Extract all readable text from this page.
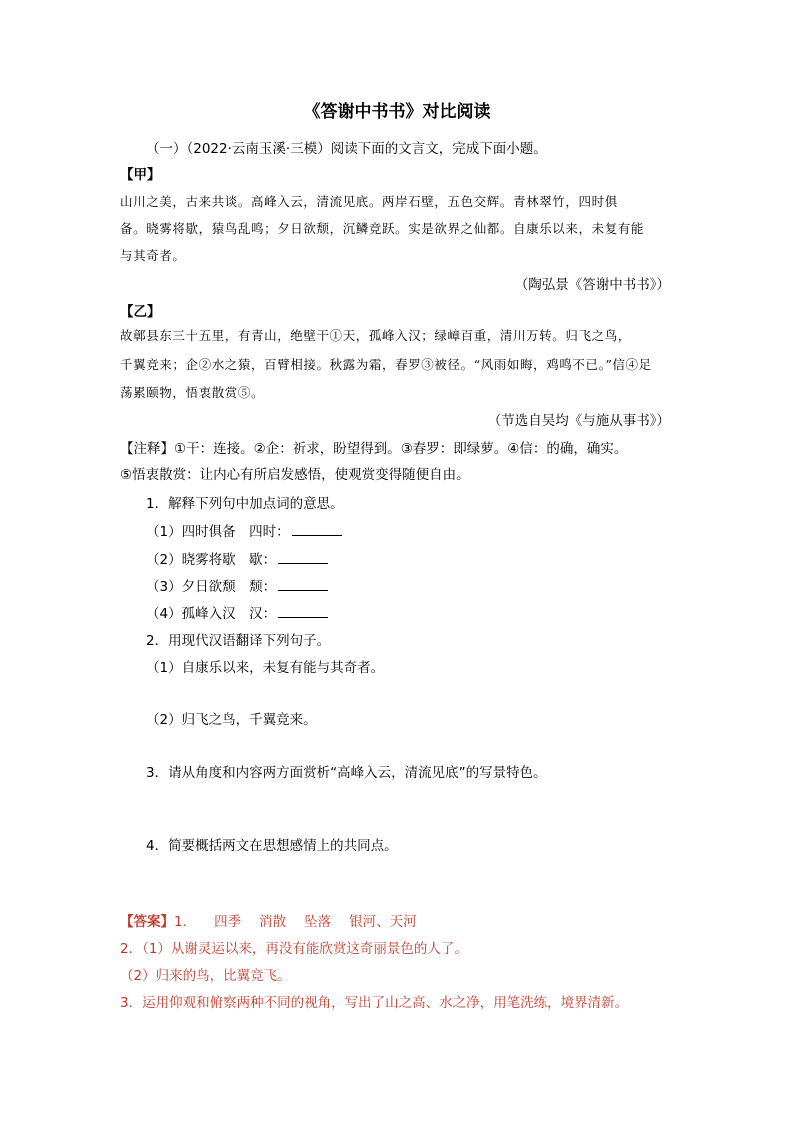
《答谢中书书》对比阅读
（一）（2022·云南玉溪·三模）阅读下面的文言文，完成下面小题。
【甲】
山川之美，古来共谈。高峰入云，清流见底。两岸石壁，五色交辉。青林翠竹，四时俱
备。晓雾将歇，猿鸟乱鸣；夕日欲颓，沉鳞竞跃。实是欲界之仙都。自康乐以来，未复有能
与其奇者。
（陶弘景《答谢中书书》）
【乙】
故鄣县东三十五里，有青山，绝壁干①天，孤峰入汉；绿嶂百重，清川万转。归飞之鸟，
千翼竞来；企②水之猿，百臂相接。秋露为霜，春罗③被径。“风雨如晦，鸡鸣不已。”信④足
荡累颐物，悟衷散赏⑤。
（节选自吴均《与施从事书》）
【注释】①干：连接。②企：祈求，盼望得到。③春罗：即绿萝。④信：的确，确实。
⑤悟衷散赏：让内心有所启发感悟，使观赏变得随便自由。
1．解释下列句中加点词的意思。
（1）四时俱备　四时：
（2）晓雾将歇　歇：
（3）夕日欲颓　颓：
（4）孤峰入汉　汉：
2．用现代汉语翻译下列句子。
（1）自康乐以来，未复有能与其奇者。
（2）归飞之鸟，千翼竞来。
3．请从角度和内容两方面赏析“高峰入云，清流见底”的写景特色。
4．简要概括两文在思想感情上的共同点。
【答案】1． 四季 消散 坠落 银河、天河
2．（1）从谢灵运以来，再没有能欣赏这奇丽景色的人了。
（2）归来的鸟，比翼竞飞。
3．运用仰观和俯察两种不同的视角，写出了山之高、水之净，用笔洗练，境界清新。
